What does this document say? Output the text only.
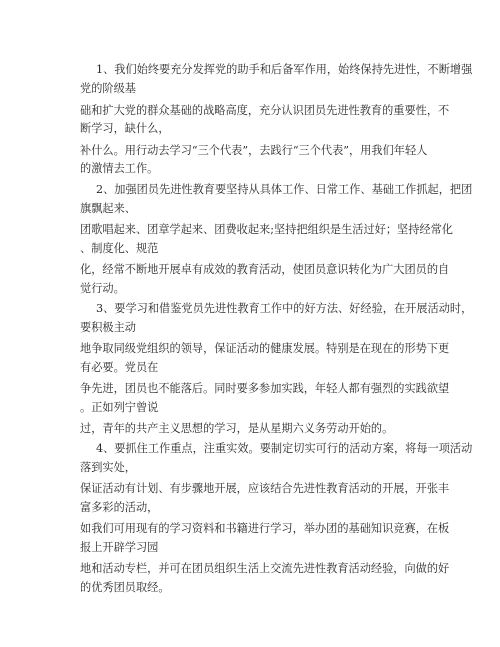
1、我们始终要充分发挥党的助手和后备军作用，始终保持先进性，不断增强
党的阶级基
础和扩大党的群众基础的战略高度，充分认识团员先进性教育的重要性，不
断学习，缺什么，
补什么。用行动去学习“三个代表”，去践行“三个代表”，用我们年轻人
的激情去工作。
2、加强团员先进性教育要坚持从具体工作、日常工作、基础工作抓起，把团
旗飘起来、
团歌唱起来、团章学起来、团费收起来;坚持把组织是生活过好；坚持经常化
、制度化、规范
化，经常不断地开展卓有成效的教育活动，使团员意识转化为广大团员的自
觉行动。
3、要学习和借鉴党员先进性教育工作中的好方法、好经验，在开展活动时，
要积极主动
地争取同级党组织的领导，保证活动的健康发展。特别是在现在的形势下更
有必要。党员在
争先进，团员也不能落后。同时要多参加实践，年轻人都有强烈的实践欲望
。正如列宁曾说
过，青年的共产主义思想的学习，是从星期六义务劳动开始的。
4、要抓住工作重点，注重实效。要制定切实可行的活动方案，将每一项活动
落到实处，
保证活动有计划、有步骤地开展，应该结合先进性教育活动的开展，开张丰
富多彩的活动，
如我们可用现有的学习资料和书籍进行学习，举办团的基础知识竞赛，在板
报上开辟学习园
地和活动专栏，并可在团员组织生活上交流先进性教育活动经验，向做的好
的优秀团员取经。
